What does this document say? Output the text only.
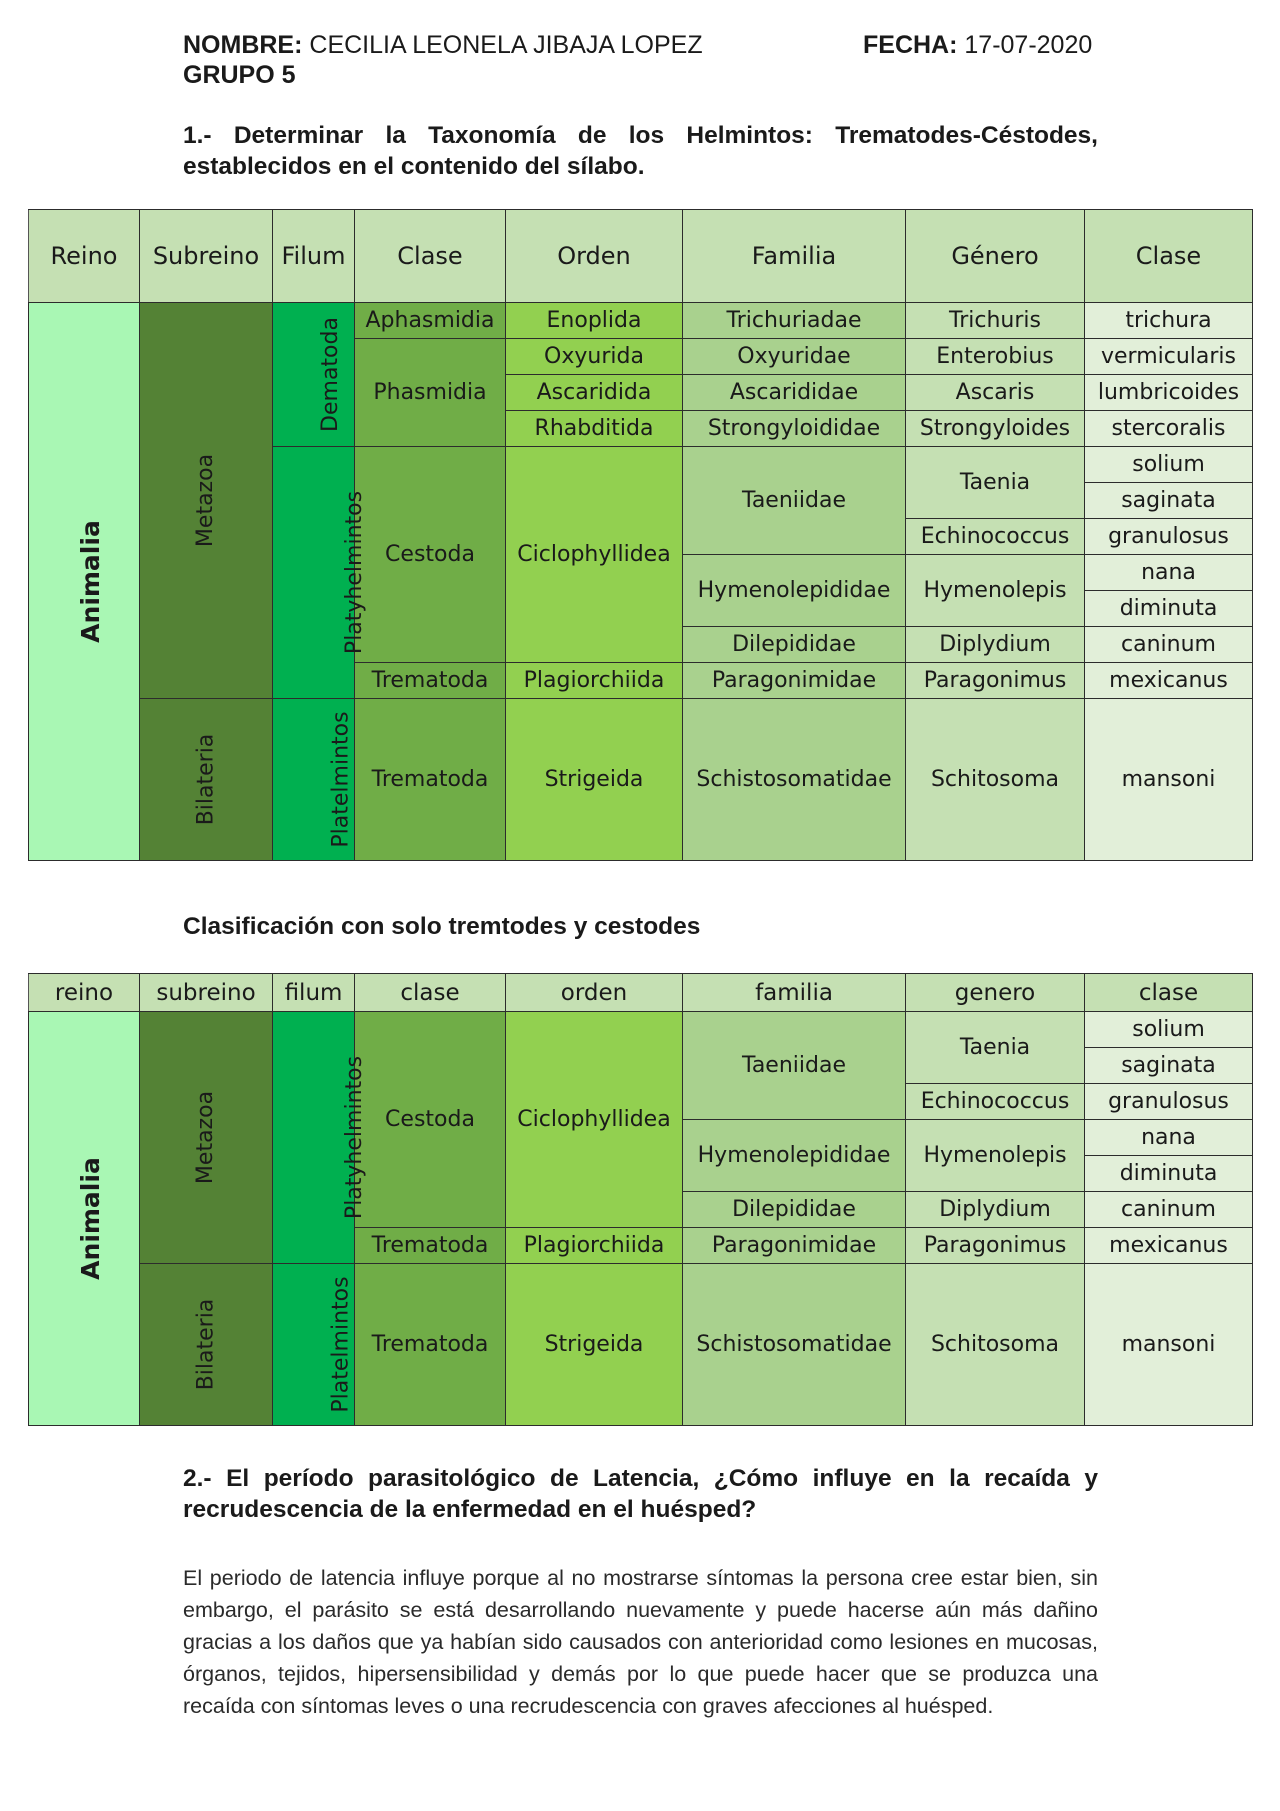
NOMBRE: CECILIA LEONELA JIBAJA LOPEZ	FECHA: 17-07-2020
GRUPO 5
1.- Determinar la Taxonomía de los Helmintos: Trematodes-Céstodes, establecidos en el contenido del sílabo.
Reino	Subreino	Filum	Clase	Orden	Familia	Género	Clase
Animalia	Metazoa	Dematoda	Aphasmidia	Enoplida	Trichuriadae	Trichuris	trichura
			Phasmidia	Oxyurida	Oxyuridae	Enterobius	vermicularis
				Ascaridida	Ascarididae	Ascaris	lumbricoides
				Rhabditida	Strongyloididae	Strongyloides	stercoralis
		Platyhelmintos	Cestoda	Ciclophyllidea	Taeniidae	Taenia	solium
							saginata
						Echinococcus	granulosus
					Hymenolepididae	Hymenolepis	nana
							diminuta
					Dilepididae	Diplydium	caninum
			Trematoda	Plagiorchiida	Paragonimidae	Paragonimus	mexicanus
	Bilateria	Platelmintos	Trematoda	Strigeida	Schistosomatidae	Schitosoma	mansoni
Clasificación con solo tremtodes y cestodes
reino	subreino	filum	clase	orden	familia	genero	clase
Animalia	Metazoa	Platyhelmintos	Cestoda	Ciclophyllidea	Taeniidae	Taenia	solium
							saginata
						Echinococcus	granulosus
					Hymenolepididae	Hymenolepis	nana
							diminuta
					Dilepididae	Diplydium	caninum
			Trematoda	Plagiorchiida	Paragonimidae	Paragonimus	mexicanus
	Bilateria	Platelmintos	Trematoda	Strigeida	Schistosomatidae	Schitosoma	mansoni
2.- El período parasitológico de Latencia, ¿Cómo influye en la recaída y recrudescencia de la enfermedad en el huésped?
El periodo de latencia influye porque al no mostrarse síntomas la persona cree estar bien, sin embargo, el parásito se está desarrollando nuevamente y puede hacerse aún más dañino gracias a los daños que ya habían sido causados con anterioridad como lesiones en mucosas, órganos, tejidos, hipersensibilidad y demás por lo que puede hacer que se produzca una recaída con síntomas leves o una recrudescencia con graves afecciones al huésped.
